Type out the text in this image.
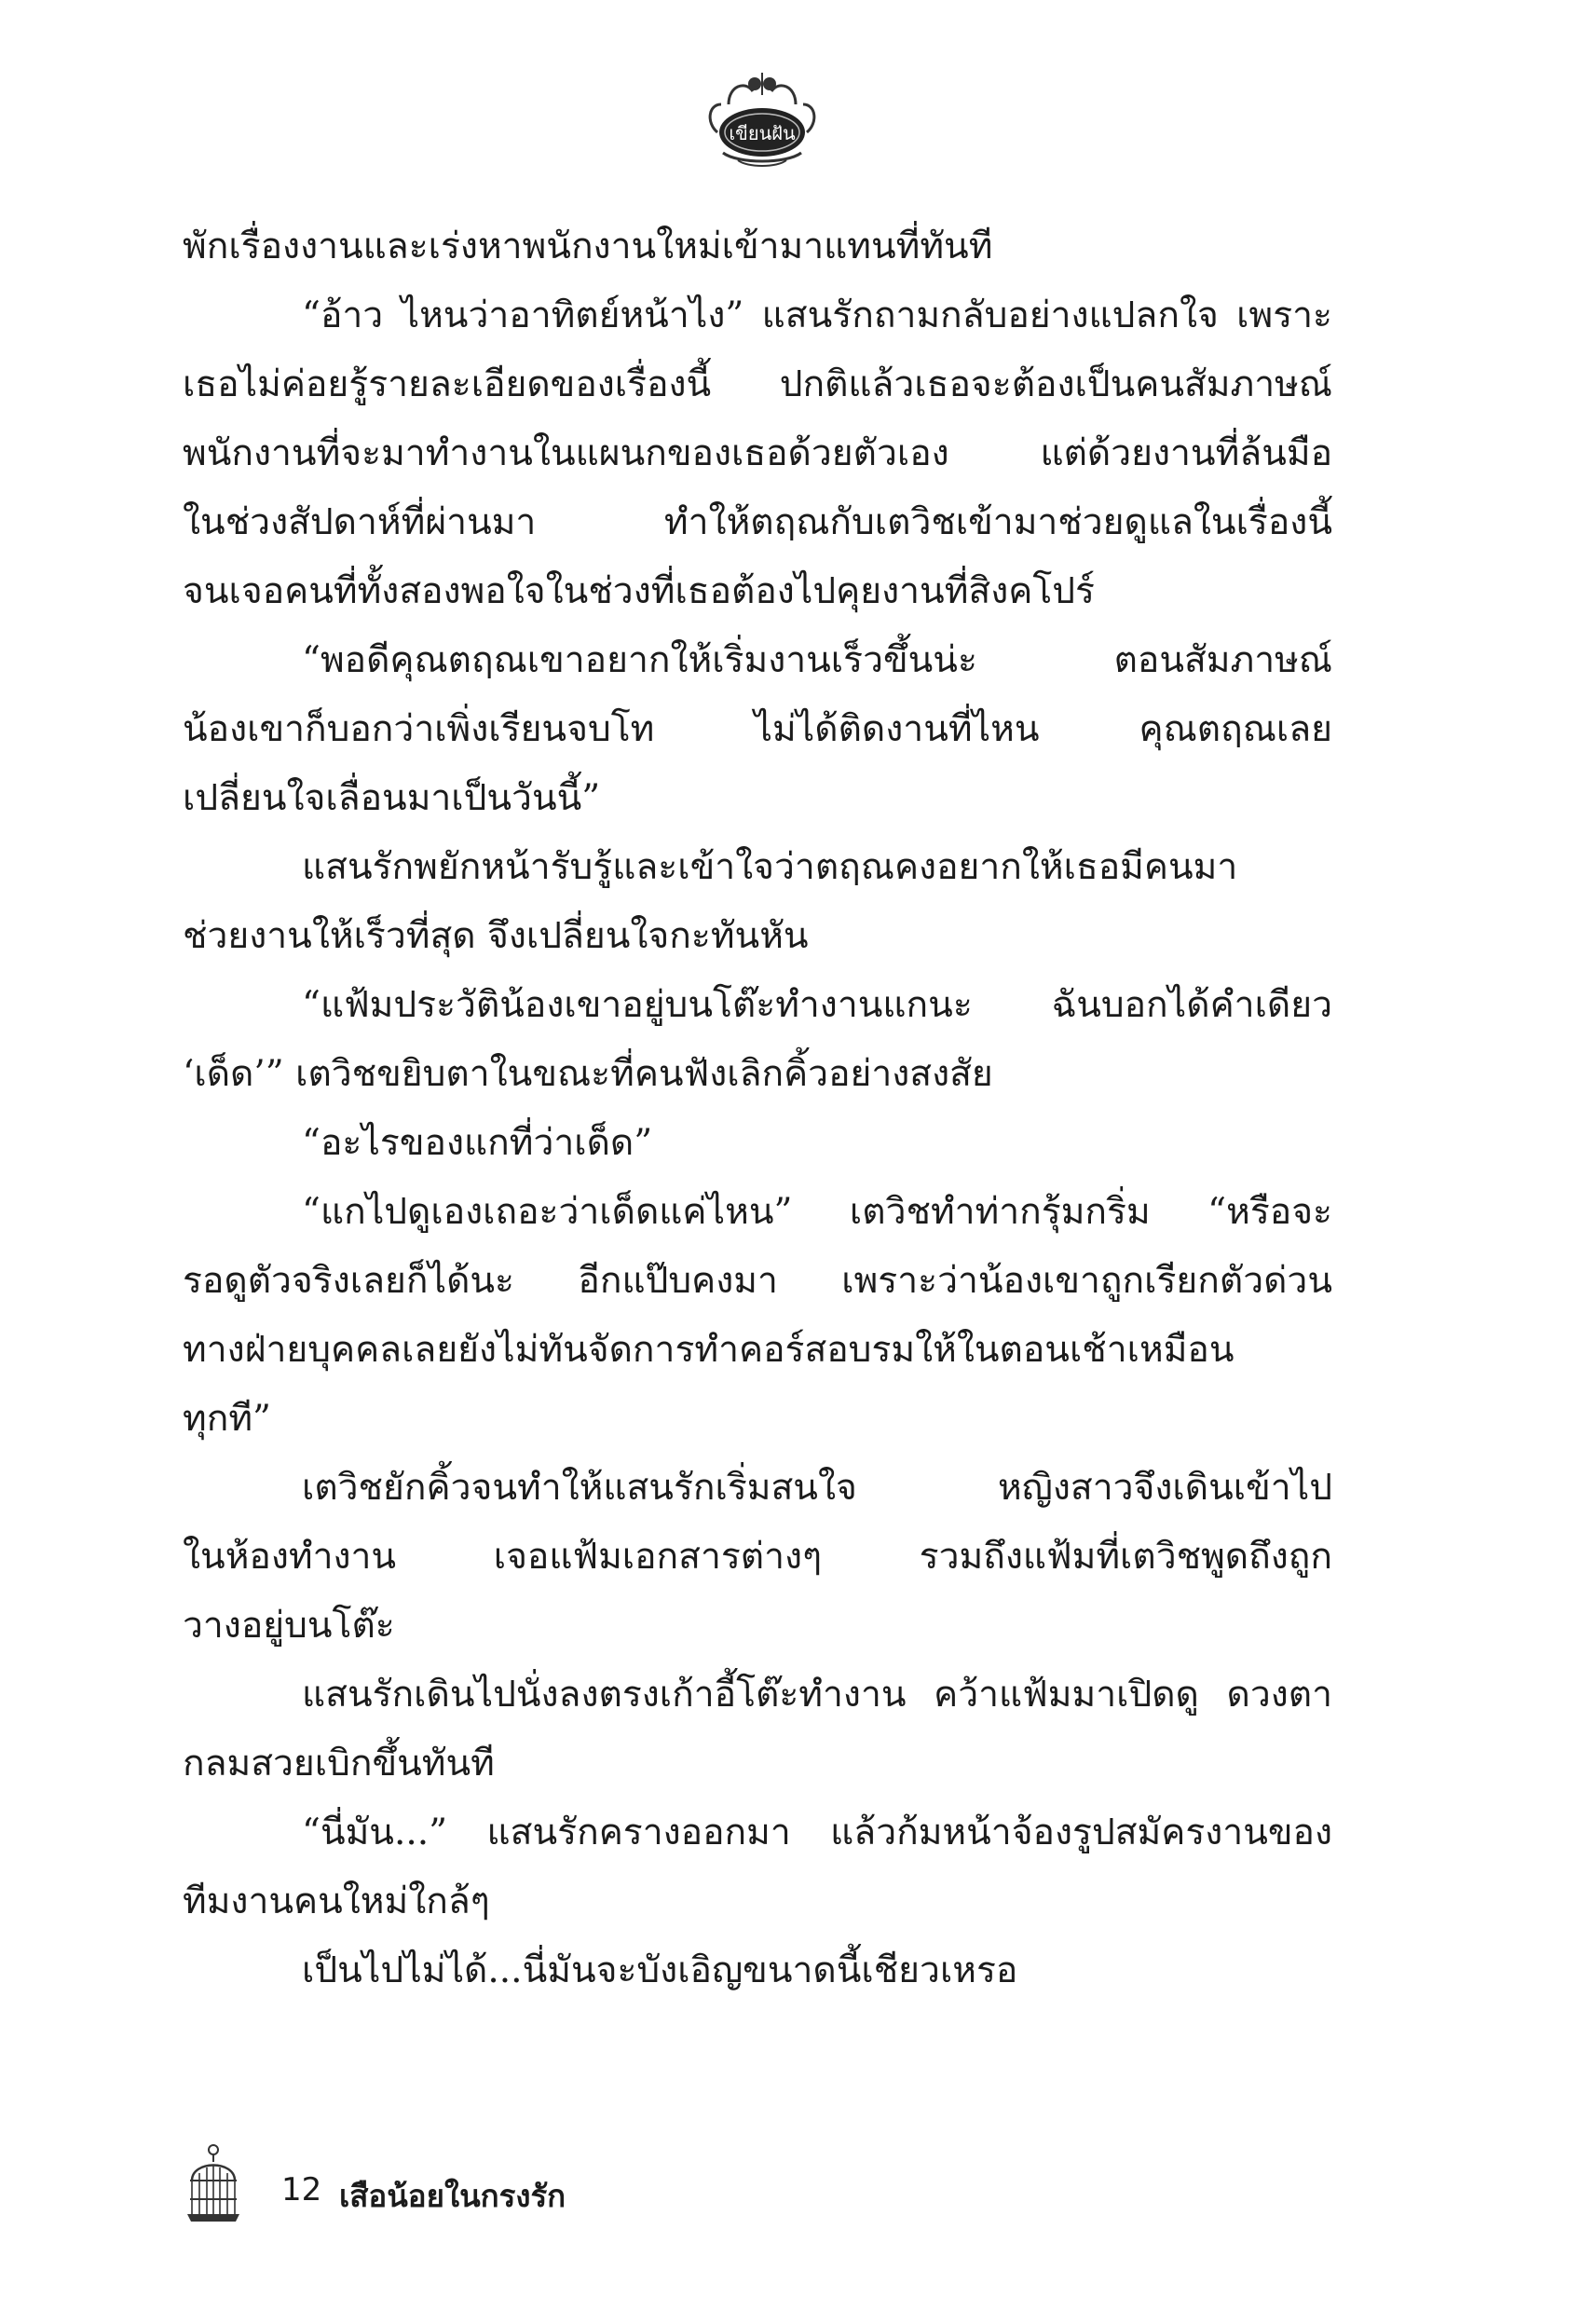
เขียนฝัน
พักเรื่องงานและเร่งหาพนักงานใหม่เข้ามาแทนที่ทันที
“อ้าว ไหนว่าอาทิตย์หน้าไง” แสนรักถามกลับอย่างแปลกใจ เพราะ
เธอไม่ค่อยรู้รายละเอียดของเรื่องนี้ ปกติแล้วเธอจะต้องเป็นคนสัมภาษณ์
พนักงานที่จะมาทำงานในแผนกของเธอด้วยตัวเอง แต่ด้วยงานที่ล้นมือ
ในช่วงสัปดาห์ที่ผ่านมา ทำให้ตฤณกับเตวิชเข้ามาช่วยดูแลในเรื่องนี้
จนเจอคนที่ทั้งสองพอใจในช่วงที่เธอต้องไปคุยงานที่สิงคโปร์
“พอดีคุณตฤณเขาอยากให้เริ่มงานเร็วขึ้นน่ะ ตอนสัมภาษณ์
น้องเขาก็บอกว่าเพิ่งเรียนจบโท ไม่ได้ติดงานที่ไหน คุณตฤณเลย
เปลี่ยนใจเลื่อนมาเป็นวันนี้”
แสนรักพยักหน้ารับรู้และเข้าใจว่าตฤณคงอยากให้เธอมีคนมา
ช่วยงานให้เร็วที่สุด จึงเปลี่ยนใจกะทันหัน
“แฟ้มประวัติน้องเขาอยู่บนโต๊ะทำงานแกนะ ฉันบอกได้คำเดียว
‘เด็ด’” เตวิชขยิบตาในขณะที่คนฟังเลิกคิ้วอย่างสงสัย
“อะไรของแกที่ว่าเด็ด”
“แกไปดูเองเถอะว่าเด็ดแค่ไหน” เตวิชทำท่ากรุ้มกริ่ม “หรือจะ
รอดูตัวจริงเลยก็ได้นะ อีกแป๊บคงมา เพราะว่าน้องเขาถูกเรียกตัวด่วน
ทางฝ่ายบุคคลเลยยังไม่ทันจัดการทำคอร์สอบรมให้ในตอนเช้าเหมือน
ทุกที”
เตวิชยักคิ้วจนทำให้แสนรักเริ่มสนใจ หญิงสาวจึงเดินเข้าไป
ในห้องทำงาน เจอแฟ้มเอกสารต่างๆ รวมถึงแฟ้มที่เตวิชพูดถึงถูก
วางอยู่บนโต๊ะ
แสนรักเดินไปนั่งลงตรงเก้าอี้โต๊ะทำงาน คว้าแฟ้มมาเปิดดู ดวงตา
กลมสวยเบิกขึ้นทันที
“นี่มัน...” แสนรักครางออกมา แล้วก้มหน้าจ้องรูปสมัครงานของ
ทีมงานคนใหม่ใกล้ๆ
เป็นไปไม่ได้...นี่มันจะบังเอิญขนาดนี้เชียวเหรอ
12 เสือน้อยในกรงรัก
